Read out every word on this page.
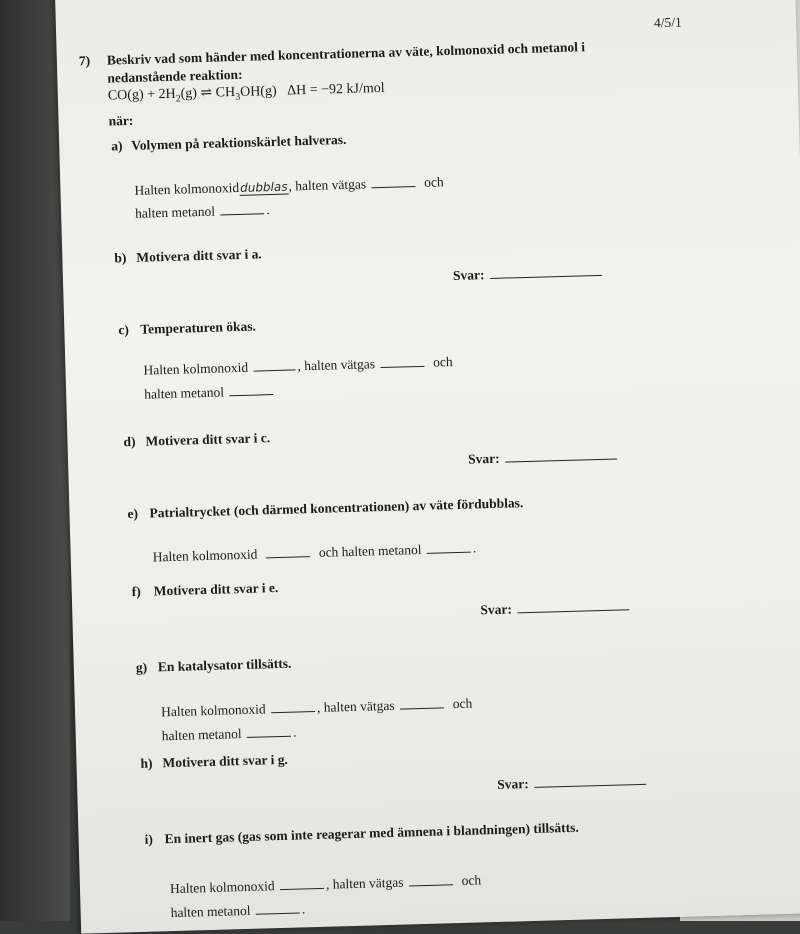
4/5/1
7) Beskriv vad som händer med koncentrationerna av väte, kolmonoxid och metanol i
nedanstående reaktion:
$CO(g) + 2H_2(g)$ ⇌ $CH_3OH(g) \Delta H = -92$ kJ/mol
när:
a) Volymen på reaktionskärlet halveras.
Halten kolmonoxiddubblas, halten vätgas	och
halten metanol	.
b) Motivera ditt svar i a.
Svar:
c) Temperaturen ökas.
Halten kolmonoxid	, halten vätgas	och
halten metanol
d) Motivera ditt svar i c.
Svar:
e) Patrialtrycket (och därmed koncentrationen) av väte fördubblas.
Halten kolmonoxid	och halten metanol	.
f) Motivera ditt svar i e.
Svar:
g) En katalysator tillsätts.
Halten kolmonoxid	, halten vätgas	och
halten metanol	.
h) Motivera ditt svar i g.
Svar:
i) En inert gas (gas som inte reagerar med ämnena i blandningen) tillsätts.
Halten kolmonoxid	, halten vätgas	och
halten metanol	.
